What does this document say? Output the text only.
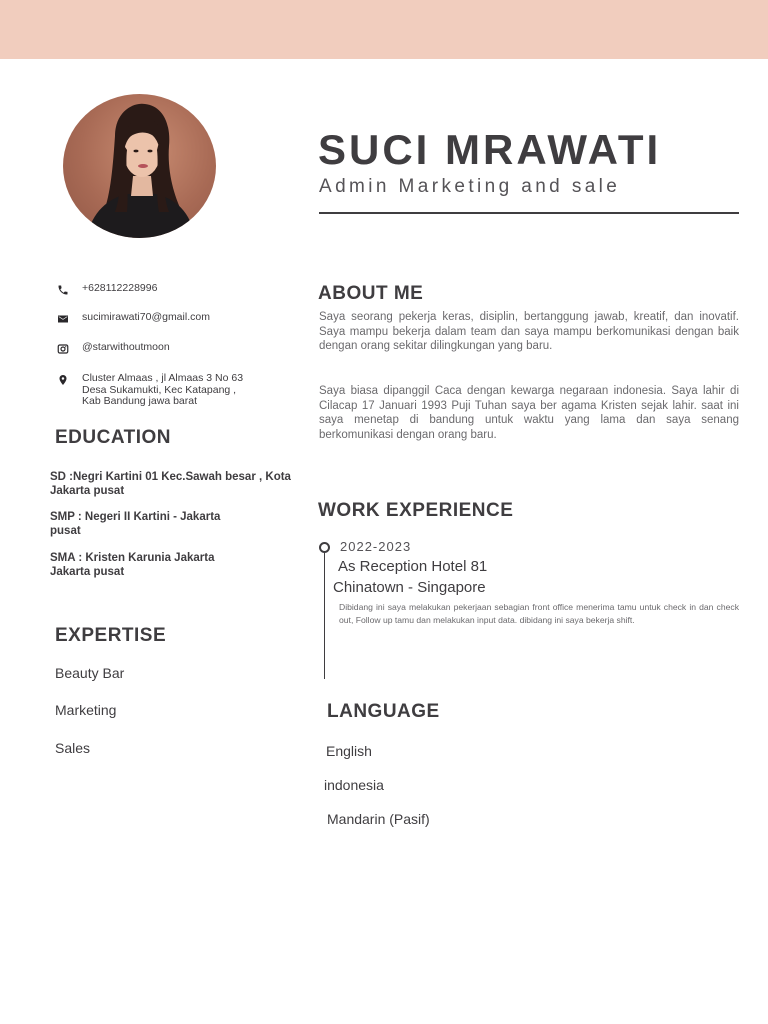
SUCI MRAWATI
Admin Marketing and sale
+628112228996
sucimirawati70@gmail.com
@starwithoutmoon
Cluster Almaas , jl Almaas 3 No 63
Desa Sukamukti, Kec Katapang ,
Kab Bandung jawa barat
EDUCATION
SD :Negri Kartini 01 Kec.Sawah besar , Kota
Jakarta pusat
SMP : Negeri II Kartini - Jakarta
pusat
SMA : Kristen Karunia Jakarta
Jakarta pusat
EXPERTISE
Beauty Bar
Marketing
Sales
ABOUT ME
Saya seorang pekerja keras, disiplin, bertanggung jawab, kreatif, dan inovatif. Saya mampu bekerja dalam team dan saya mampu berkomunikasi dengan baik dengan orang sekitar dilingkungan yang baru.
Saya biasa dipanggil Caca dengan kewarga negaraan indonesia. Saya lahir di Cilacap 17 Januari 1993 Puji Tuhan saya ber agama Kristen sejak lahir. saat ini saya menetap di bandung untuk waktu yang lama dan saya senang berkomunikasi dengan orang baru.
WORK EXPERIENCE
2022-2023
As Reception Hotel 81
Chinatown - Singapore
Dibidang ini saya melakukan pekerjaan sebagian front office menerima tamu untuk check in dan check out, Follow up tamu dan melakukan input data. dibidang ini saya bekerja shift.
LANGUAGE
English
indonesia
Mandarin (Pasif)
